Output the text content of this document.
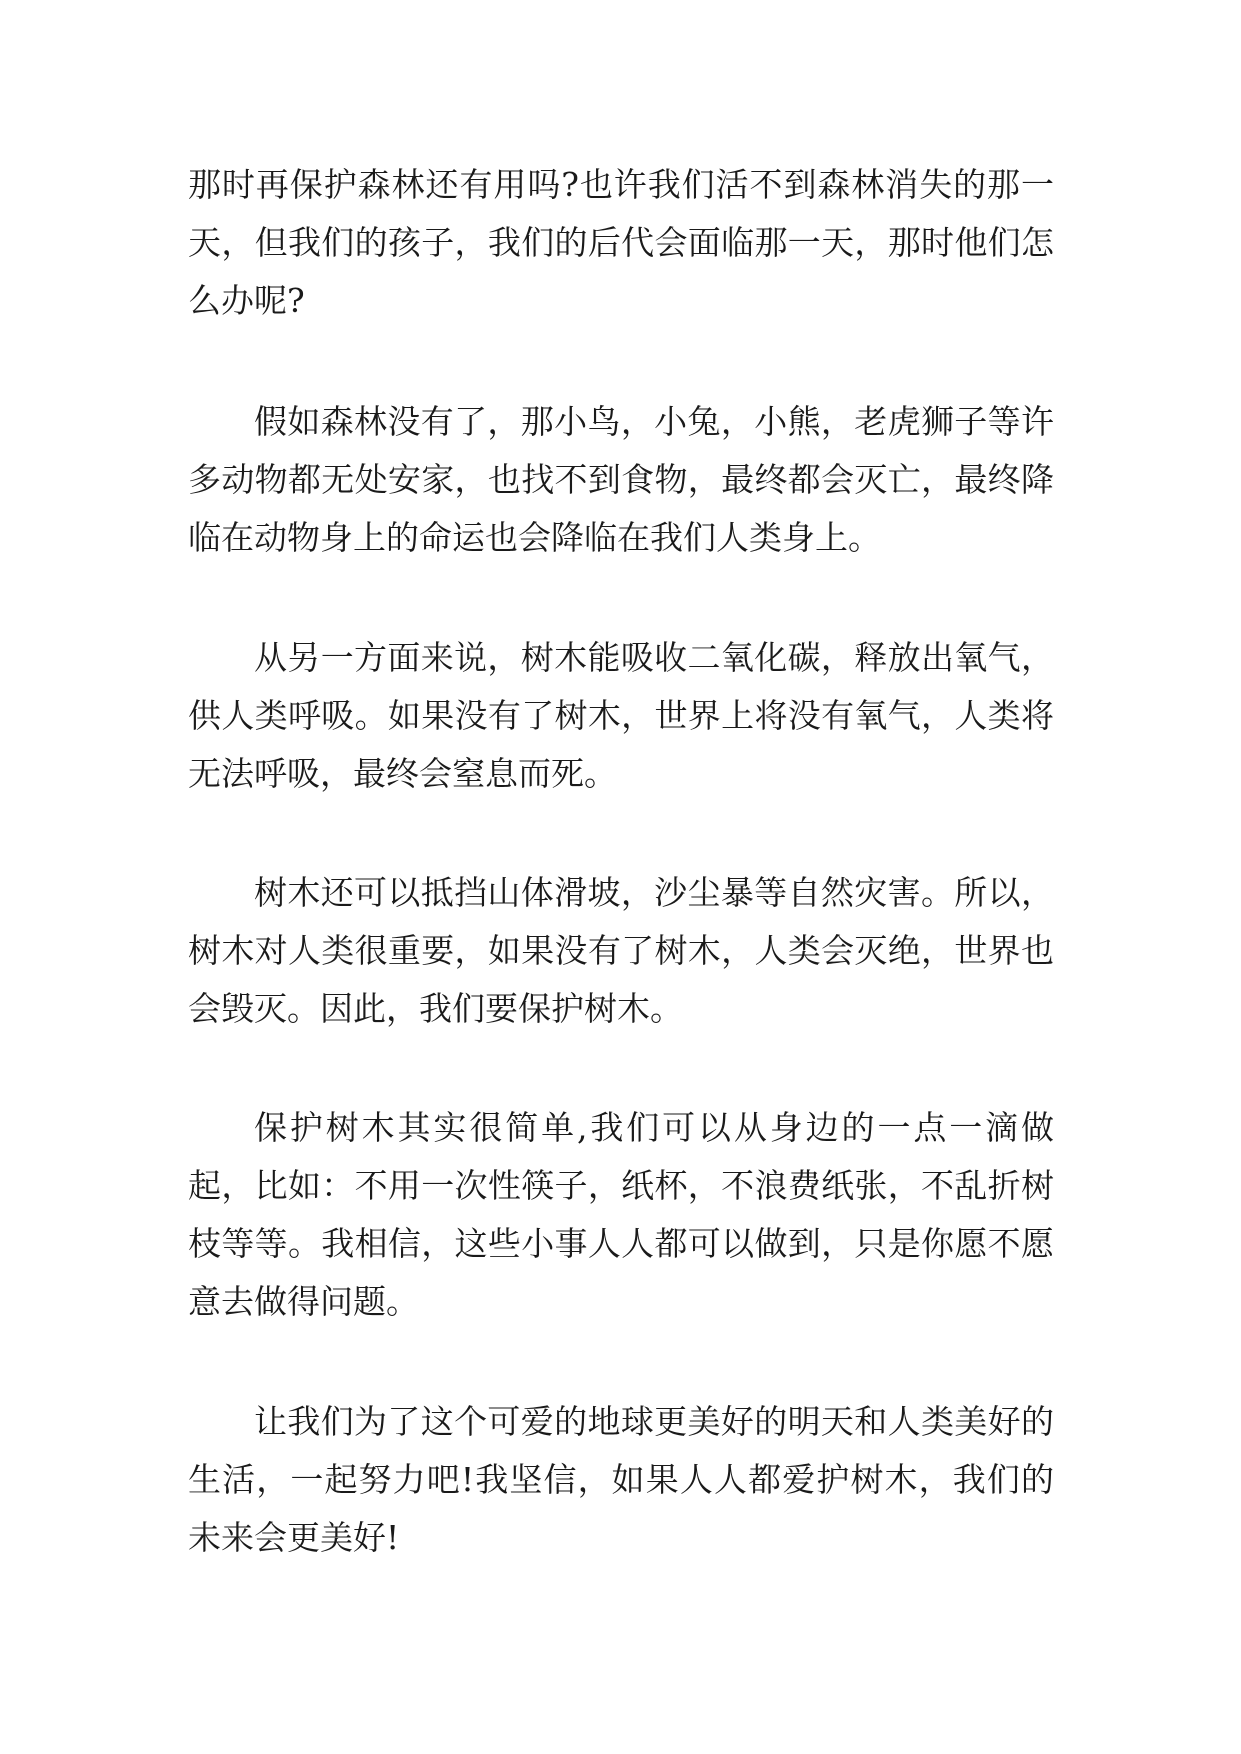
那时再保护森林还有用吗?也许我们活不到森林消失的那一天，但我们的孩子，我们的后代会面临那一天，那时他们怎么办呢?

假如森林没有了，那小鸟，小兔，小熊，老虎狮子等许多动物都无处安家，也找不到食物，最终都会灭亡，最终降临在动物身上的命运也会降临在我们人类身上。

从另一方面来说，树木能吸收二氧化碳，释放出氧气，供人类呼吸。如果没有了树木，世界上将没有氧气，人类将无法呼吸，最终会窒息而死。

树木还可以抵挡山体滑坡，沙尘暴等自然灾害。所以，树木对人类很重要，如果没有了树木，人类会灭绝，世界也会毁灭。因此，我们要保护树木。

保护树木其实很简单,我们可以从身边的一点一滴做起，比如：不用一次性筷子，纸杯，不浪费纸张，不乱折树枝等等。我相信，这些小事人人都可以做到，只是你愿不愿意去做得问题。

让我们为了这个可爱的地球更美好的明天和人类美好的生活，一起努力吧!我坚信，如果人人都爱护树木，我们的未来会更美好!
